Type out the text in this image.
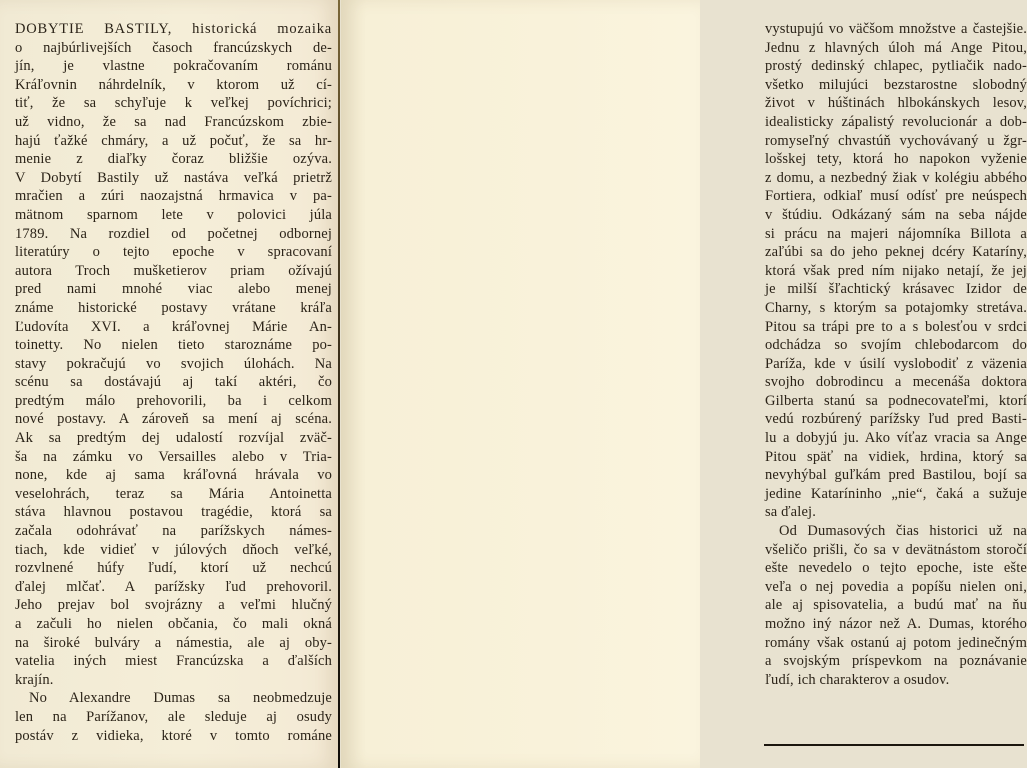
DOBYTIE BASTILY, historická mozaika
o najbúrlivejších časoch francúzskych de-
jín, je vlastne pokračovaním románu
Kráľovnin náhrdelník, v ktorom už cí-
tiť, že sa schyľuje k veľkej povíchrici;
už vidno, že sa nad Francúzskom zbie-
hajú ťažké chmáry, a už počuť, že sa hr-
menie z diaľky čoraz bližšie ozýva.
V Dobytí Bastily už nastáva veľká prietrž
mračien a zúri naozajstná hrmavica v pa-
mätnom sparnom lete v polovici júla
1789. Na rozdiel od početnej odbornej
literatúry o tejto epoche v spracovaní
autora Troch mušketierov priam ožívajú
pred nami mnohé viac alebo menej
známe historické postavy vrátane kráľa
Ľudovíta XVI. a kráľovnej Márie An-
toinetty. No nielen tieto staroznáme po-
stavy pokračujú vo svojich úlohách. Na
scénu sa dostávajú aj takí aktéri, čo
predtým málo prehovorili, ba i celkom
nové postavy. A zároveň sa mení aj scéna.
Ak sa predtým dej udalostí rozvíjal zväč-
ša na zámku vo Versailles alebo v Tria-
none, kde aj sama kráľovná hrávala vo
veselohrách, teraz sa Mária Antoinetta
stáva hlavnou postavou tragédie, ktorá sa
začala odohrávať na parížskych námes-
tiach, kde vidieť v júlových dňoch veľké,
rozvlnené húfy ľudí, ktorí už nechcú
ďalej mlčať. A parížsky ľud prehovoril.
Jeho prejav bol svojrázny a veľmi hlučný
a začuli ho nielen občania, čo mali okná
na široké bulváry a námestia, ale aj oby-
vatelia iných miest Francúzska a ďalších
krajín.
No Alexandre Dumas sa neobmedzuje
len na Parížanov, ale sleduje aj osudy
postáv z vidieka, ktoré v tomto románe
vystupujú vo väčšom množstve a častejšie.
Jednu z hlavných úloh má Ange Pitou,
prostý dedinský chlapec, pytliačik nado-
všetko milujúci bezstarostne slobodný
život v húštinách hlbokánskych lesov,
idealisticky zápalistý revolucionár a dob-
romyseľný chvastúň vychovávaný u žgr-
lošskej tety, ktorá ho napokon vyženie
z domu, a nezbedný žiak v kolégiu abbého
Fortiera, odkiaľ musí odísť pre neúspech
v štúdiu. Odkázaný sám na seba nájde
si prácu na majeri nájomníka Billota a
zaľúbi sa do jeho peknej dcéry Kataríny,
ktorá však pred ním nijako netají, že jej
je milší šľachtický krásavec Izidor de
Charny, s ktorým sa potajomky stretáva.
Pitou sa trápi pre to a s bolesťou v srdci
odchádza so svojím chlebodarcom do
Paríža, kde v úsilí vyslobodiť z väzenia
svojho dobrodincu a mecenáša doktora
Gilberta stanú sa podnecovateľmi, ktorí
vedú rozbúrený parížsky ľud pred Basti-
lu a dobyjú ju. Ako víťaz vracia sa Ange
Pitou späť na vidiek, hrdina, ktorý sa
nevyhýbal guľkám pred Bastilou, bojí sa
jedine Kataríninho „nie“, čaká a sužuje
sa ďalej.
Od Dumasových čias historici už na
všeličo prišli, čo sa v devätnástom storočí
ešte nevedelo o tejto epoche, iste ešte
veľa o nej povedia a popíšu nielen oni,
ale aj spisovatelia, a budú mať na ňu
možno iný názor než A. Dumas, ktorého
romány však ostanú aj potom jedinečným
a svojským príspevkom na poznávanie
ľudí, ich charakterov a osudov.
